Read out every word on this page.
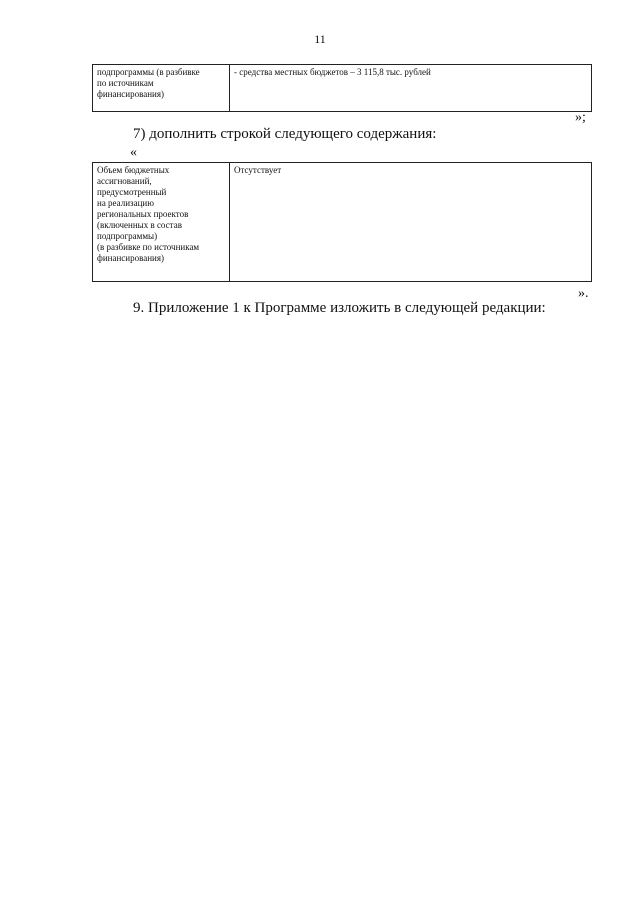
11
подпрограммы (в разбивке
по источникам
финансирования)
	- средства местных бюджетов – 3 115,8 тыс. рублей
»;
7) дополнить строкой следующего содержания:
«
Объем бюджетных
ассигнований,
предусмотренный
на реализацию
региональных проектов
(включенных в состав
подпрограммы)
(в разбивке по источникам
финансирования)
	Отсутствует
».
9. Приложение 1 к Программе изложить в следующей редакции:
